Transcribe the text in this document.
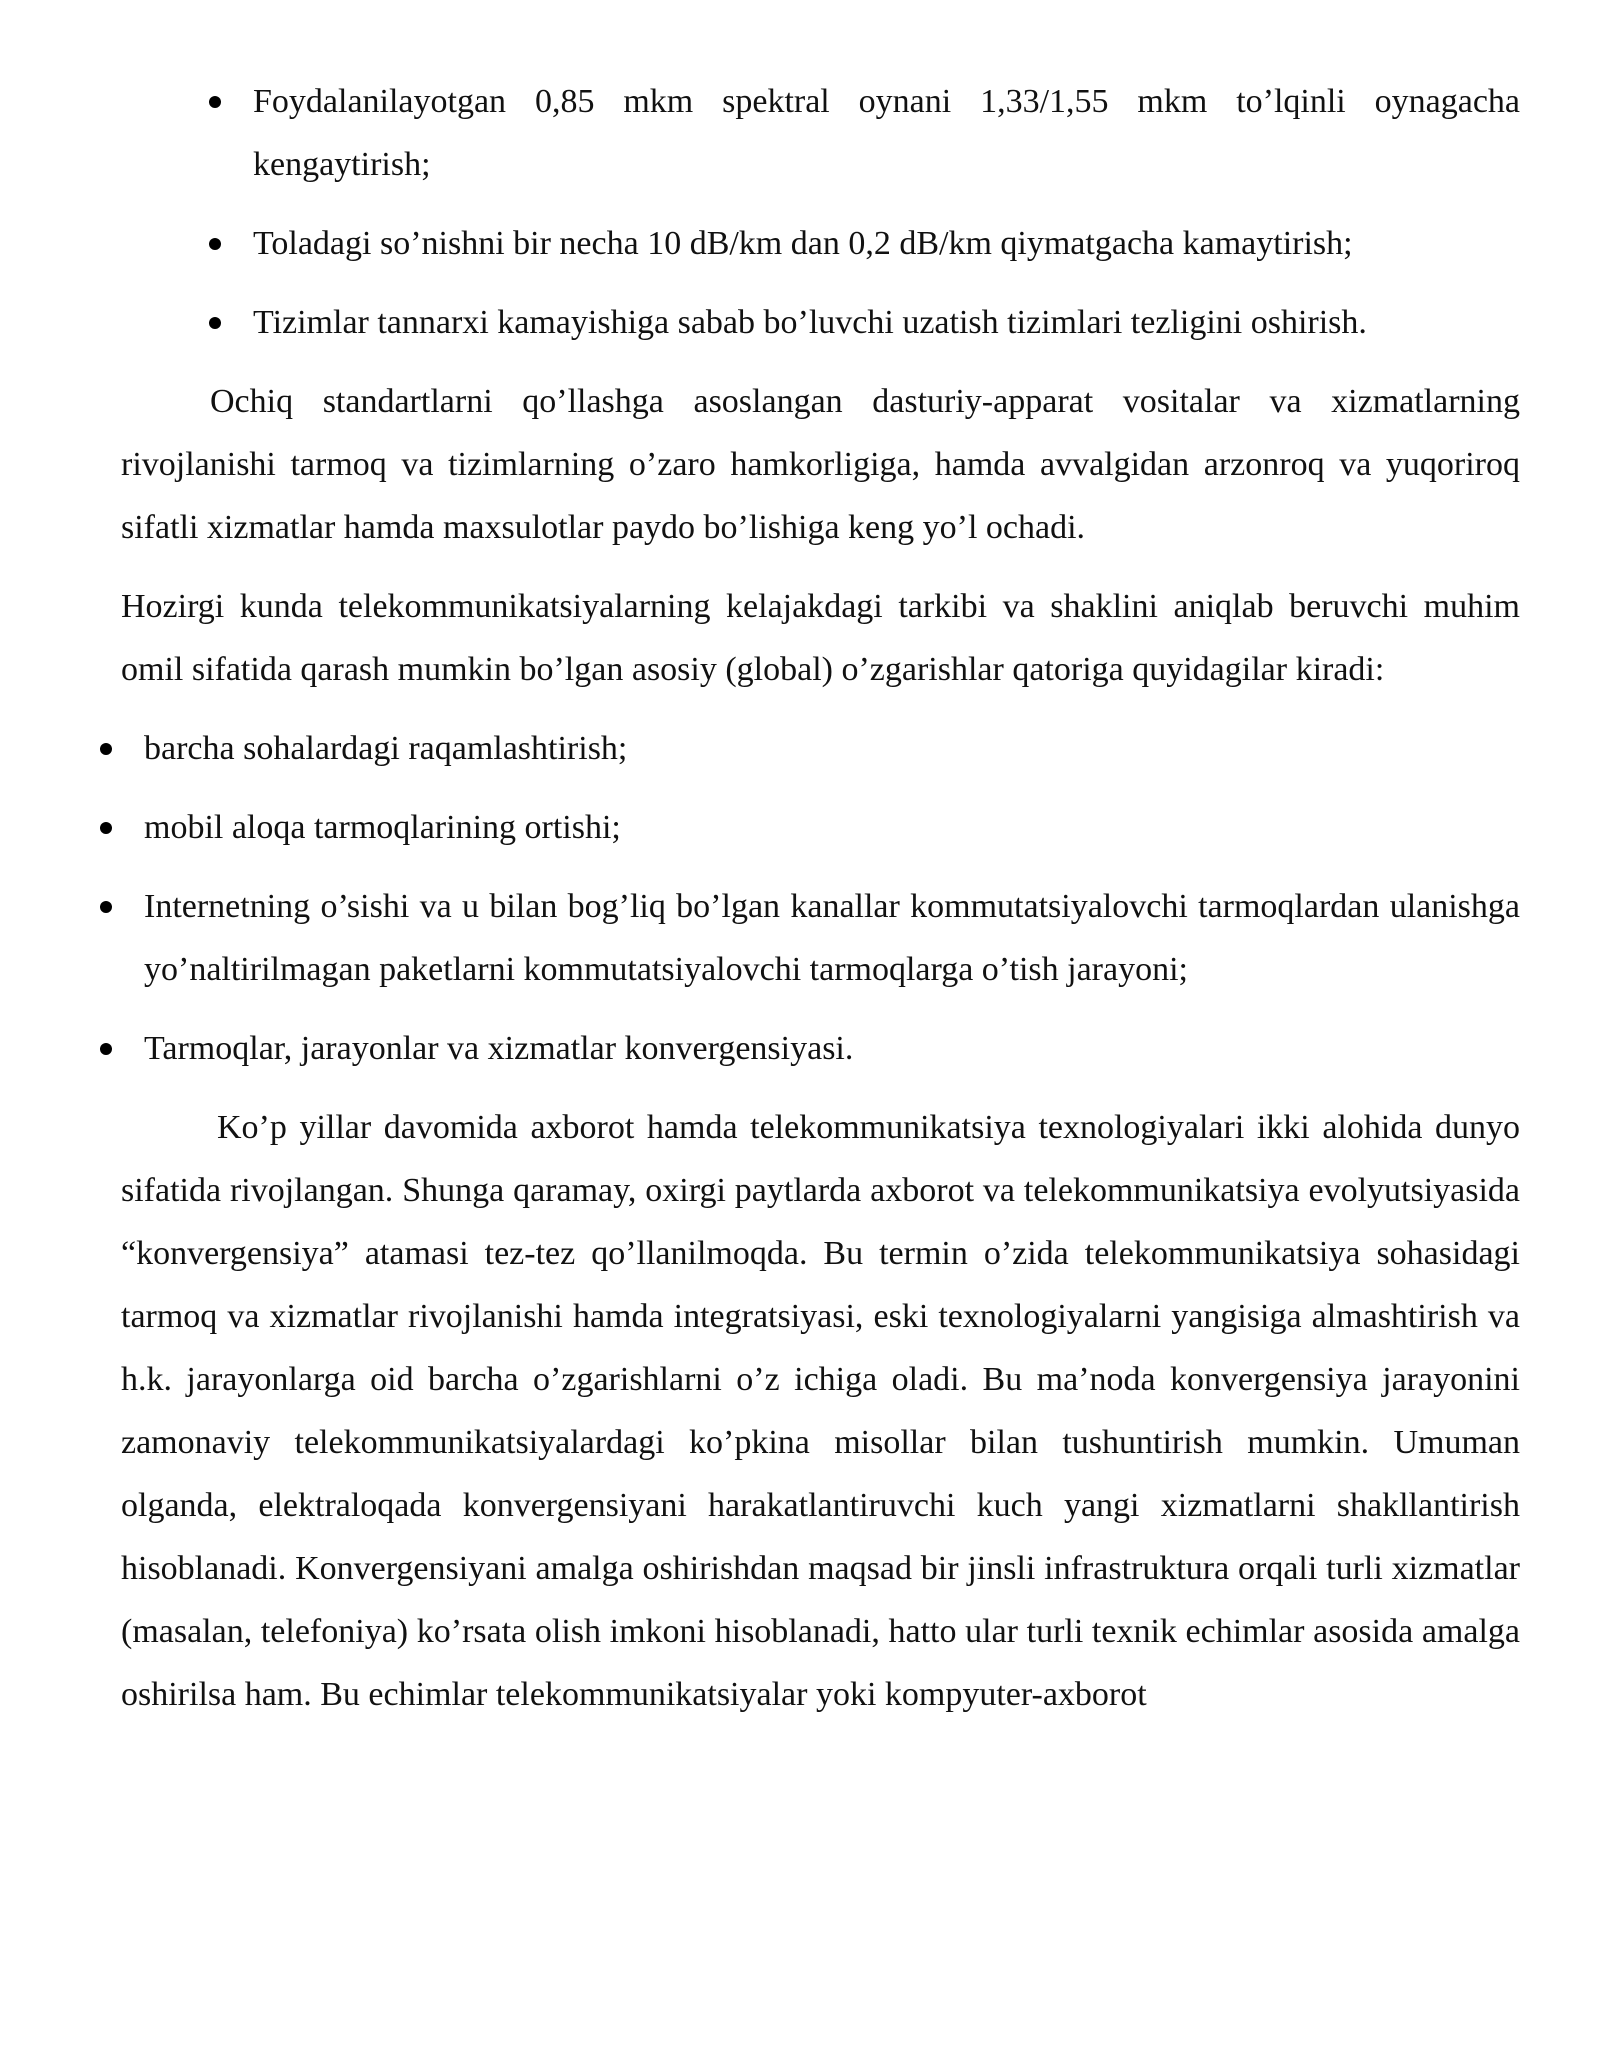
Foydalanilayotgan 0,85 mkm spektral oynani 1,33/1,55 mkm to’lqinli oynagacha kengaytirish;
Toladagi so’nishni bir necha 10 dB/km dan 0,2 dB/km qiymatgacha kamaytirish;
Tizimlar tannarxi kamayishiga sabab bo’luvchi uzatish tizimlari tezligini oshirish.

Ochiq standartlarni qo’llashga asoslangan dasturiy-apparat vositalar va xizmatlarning rivojlanishi tarmoq va tizimlarning o’zaro hamkorligiga, hamda avvalgidan arzonroq va yuqoriroq sifatli xizmatlar hamda maxsulotlar paydo bo’lishiga keng yo’l ochadi.

Hozirgi kunda telekommunikatsiyalarning kelajakdagi tarkibi va shaklini aniqlab beruvchi muhim omil sifatida qarash mumkin bo’lgan asosiy (global) o’zgarishlar qatoriga quyidagilar kiradi:

barcha sohalardagi raqamlashtirish;
mobil aloqa tarmoqlarining ortishi;
Internetning o’sishi va u bilan bog’liq bo’lgan kanallar kommutatsiyalovchi tarmoqlardan ulanishga yo’naltirilmagan paketlarni kommutatsiyalovchi tarmoqlarga o’tish jarayoni;
Tarmoqlar, jarayonlar va xizmatlar konvergensiyasi.

Ko’p yillar davomida axborot hamda telekommunikatsiya texnologiyalari ikki alohida dunyo sifatida rivojlangan. Shunga qaramay, oxirgi paytlarda axborot va telekommunikatsiya evolyutsiyasida “konvergensiya” atamasi tez-tez qo’llanilmoqda. Bu termin o’zida telekommunikatsiya sohasidagi tarmoq va xizmatlar rivojlanishi hamda integratsiyasi, eski texnologiyalarni yangisiga almashtirish va h.k. jarayonlarga oid barcha o’zgarishlarni o’z ichiga oladi. Bu ma’noda konvergensiya jarayonini zamonaviy telekommunikatsiyalardagi ko’pkina misollar bilan tushuntirish mumkin. Umuman olganda, elektraloqada konvergensiyani harakatlantiruvchi kuch yangi xizmatlarni shakllantirish hisoblanadi. Konvergensiyani amalga oshirishdan maqsad bir jinsli infrastruktura orqali turli xizmatlar (masalan, telefoniya) ko’rsata olish imkoni hisoblanadi, hatto ular turli texnik echimlar asosida amalga oshirilsa ham. Bu echimlar telekommunikatsiyalar yoki kompyuter-axborot
